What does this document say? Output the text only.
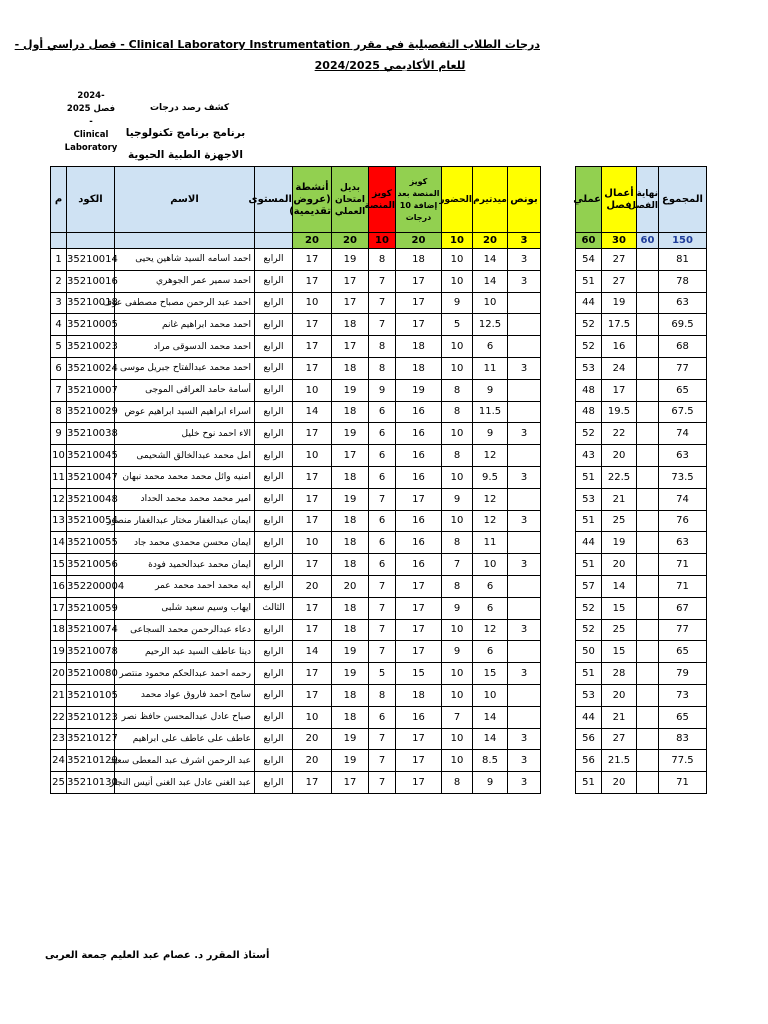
درجات الطلاب التفصيلية في مقرر Clinical Laboratory Instrumentation - فصل دراسي أول -
للعام الأكاديمي 2024/2025
2024-
فصل 2025
-
Clinical
Laboratory
كشف رصد درجات
برنامج برنامج تكنولوجيا الاجهزة الطبية الحيوية
م	الكود	الاسم	المستوى	أنشطة (عروض تقديمية)	بديل امتحان العملي	كويز المنصة	كويز المنصة بعد إضافة 10 درجات	الحضور	ميدتيرم	بونص
				20	20	10	20	10	20	3
1	35210014	احمد اسامه السيد شاهين يحيى	الرابع	17	19	8	18	10	14	3
2	35210016	احمد سمير عمر الجوهري	الرابع	17	17	7	17	10	14	3
3	35210018	احمد عبد الرحمن مصباح مصطفى عوف	الرابع	10	17	7	17	9	10	
4	35210005	احمد محمد ابراهيم غانم	الرابع	17	18	7	17	5	12.5	
5	35210023	احمد محمد الدسوقى مراد	الرابع	17	17	8	18	10	6	
6	35210024	احمد محمد عبدالفتاح جبريل موسى	الرابع	17	18	8	18	10	11	3
7	35210007	أسامة حامد العراقى الموجى	الرابع	10	19	9	19	8	9	
8	35210029	اسراء ابراهيم السيد ابراهيم عوض	الرابع	14	18	6	16	8	11.5	
9	35210038	الاء احمد نوح خليل	الرابع	17	19	6	16	10	9	3
10	35210045	امل محمد عبدالخالق الشحيمى	الرابع	10	17	6	16	8	12	
11	35210047	امنيه وائل محمد محمد محمد نبهان	الرابع	17	18	6	16	10	9.5	3
12	35210048	امير محمد محمد محمد الحداد	الرابع	17	19	7	17	9	12	
13	35210054	ايمان عبدالغفار مختار عبدالغفار منصور	الرابع	17	18	6	16	10	12	3
14	35210055	ايمان محسن محمدى محمد جاد	الرابع	10	18	6	16	8	11	
15	35210056	ايمان محمد عبدالحميد فودة	الرابع	17	18	6	16	7	10	3
16	352200004	ايه محمد احمد محمد عمر	الرابع	20	20	7	17	8	6	
17	35210059	ايهاب وسيم سعيد شلبى	الثالث	17	18	7	17	9	6	
18	35210074	دعاء عبدالرحمن محمد السجاعى	الرابع	17	18	7	17	10	12	3
19	35210078	دينا عاطف السيد عبد الرحيم	الرابع	14	19	7	17	9	6	
20	35210080	رحمه احمد عبدالحكم محمود منتصر	الرابع	17	19	5	15	10	15	3
21	35210105	سامح احمد فاروق عواد محمد	الرابع	17	18	8	18	10	10	
22	35210123	صباح عادل عبدالمحسن حافظ نصر	الرابع	10	18	6	16	7	14	
23	35210127	عاطف على عاطف على ابراهيم	الرابع	20	19	7	17	10	14	3
24	35210129	عبد الرحمن اشرف عبد المعطى سعيد	الرابع	20	19	7	17	10	8.5	3
25	35210130	عبد الغنى عادل عبد الغنى أنيس النجار	الرابع	17	17	7	17	8	9	3
عملي	أعمال فصل	نهاية الفصل	المجموع
60	30	60	150
54	27		81
51	27		78
44	19		63
52	17.5		69.5
52	16		68
53	24		77
48	17		65
48	19.5		67.5
52	22		74
43	20		63
51	22.5		73.5
53	21		74
51	25		76
44	19		63
51	20		71
57	14		71
52	15		67
52	25		77
50	15		65
51	28		79
53	20		73
44	21		65
56	27		83
56	21.5		77.5
51	20		71
أستاذ المقرر د. عصام عبد العليم جمعة العربى
